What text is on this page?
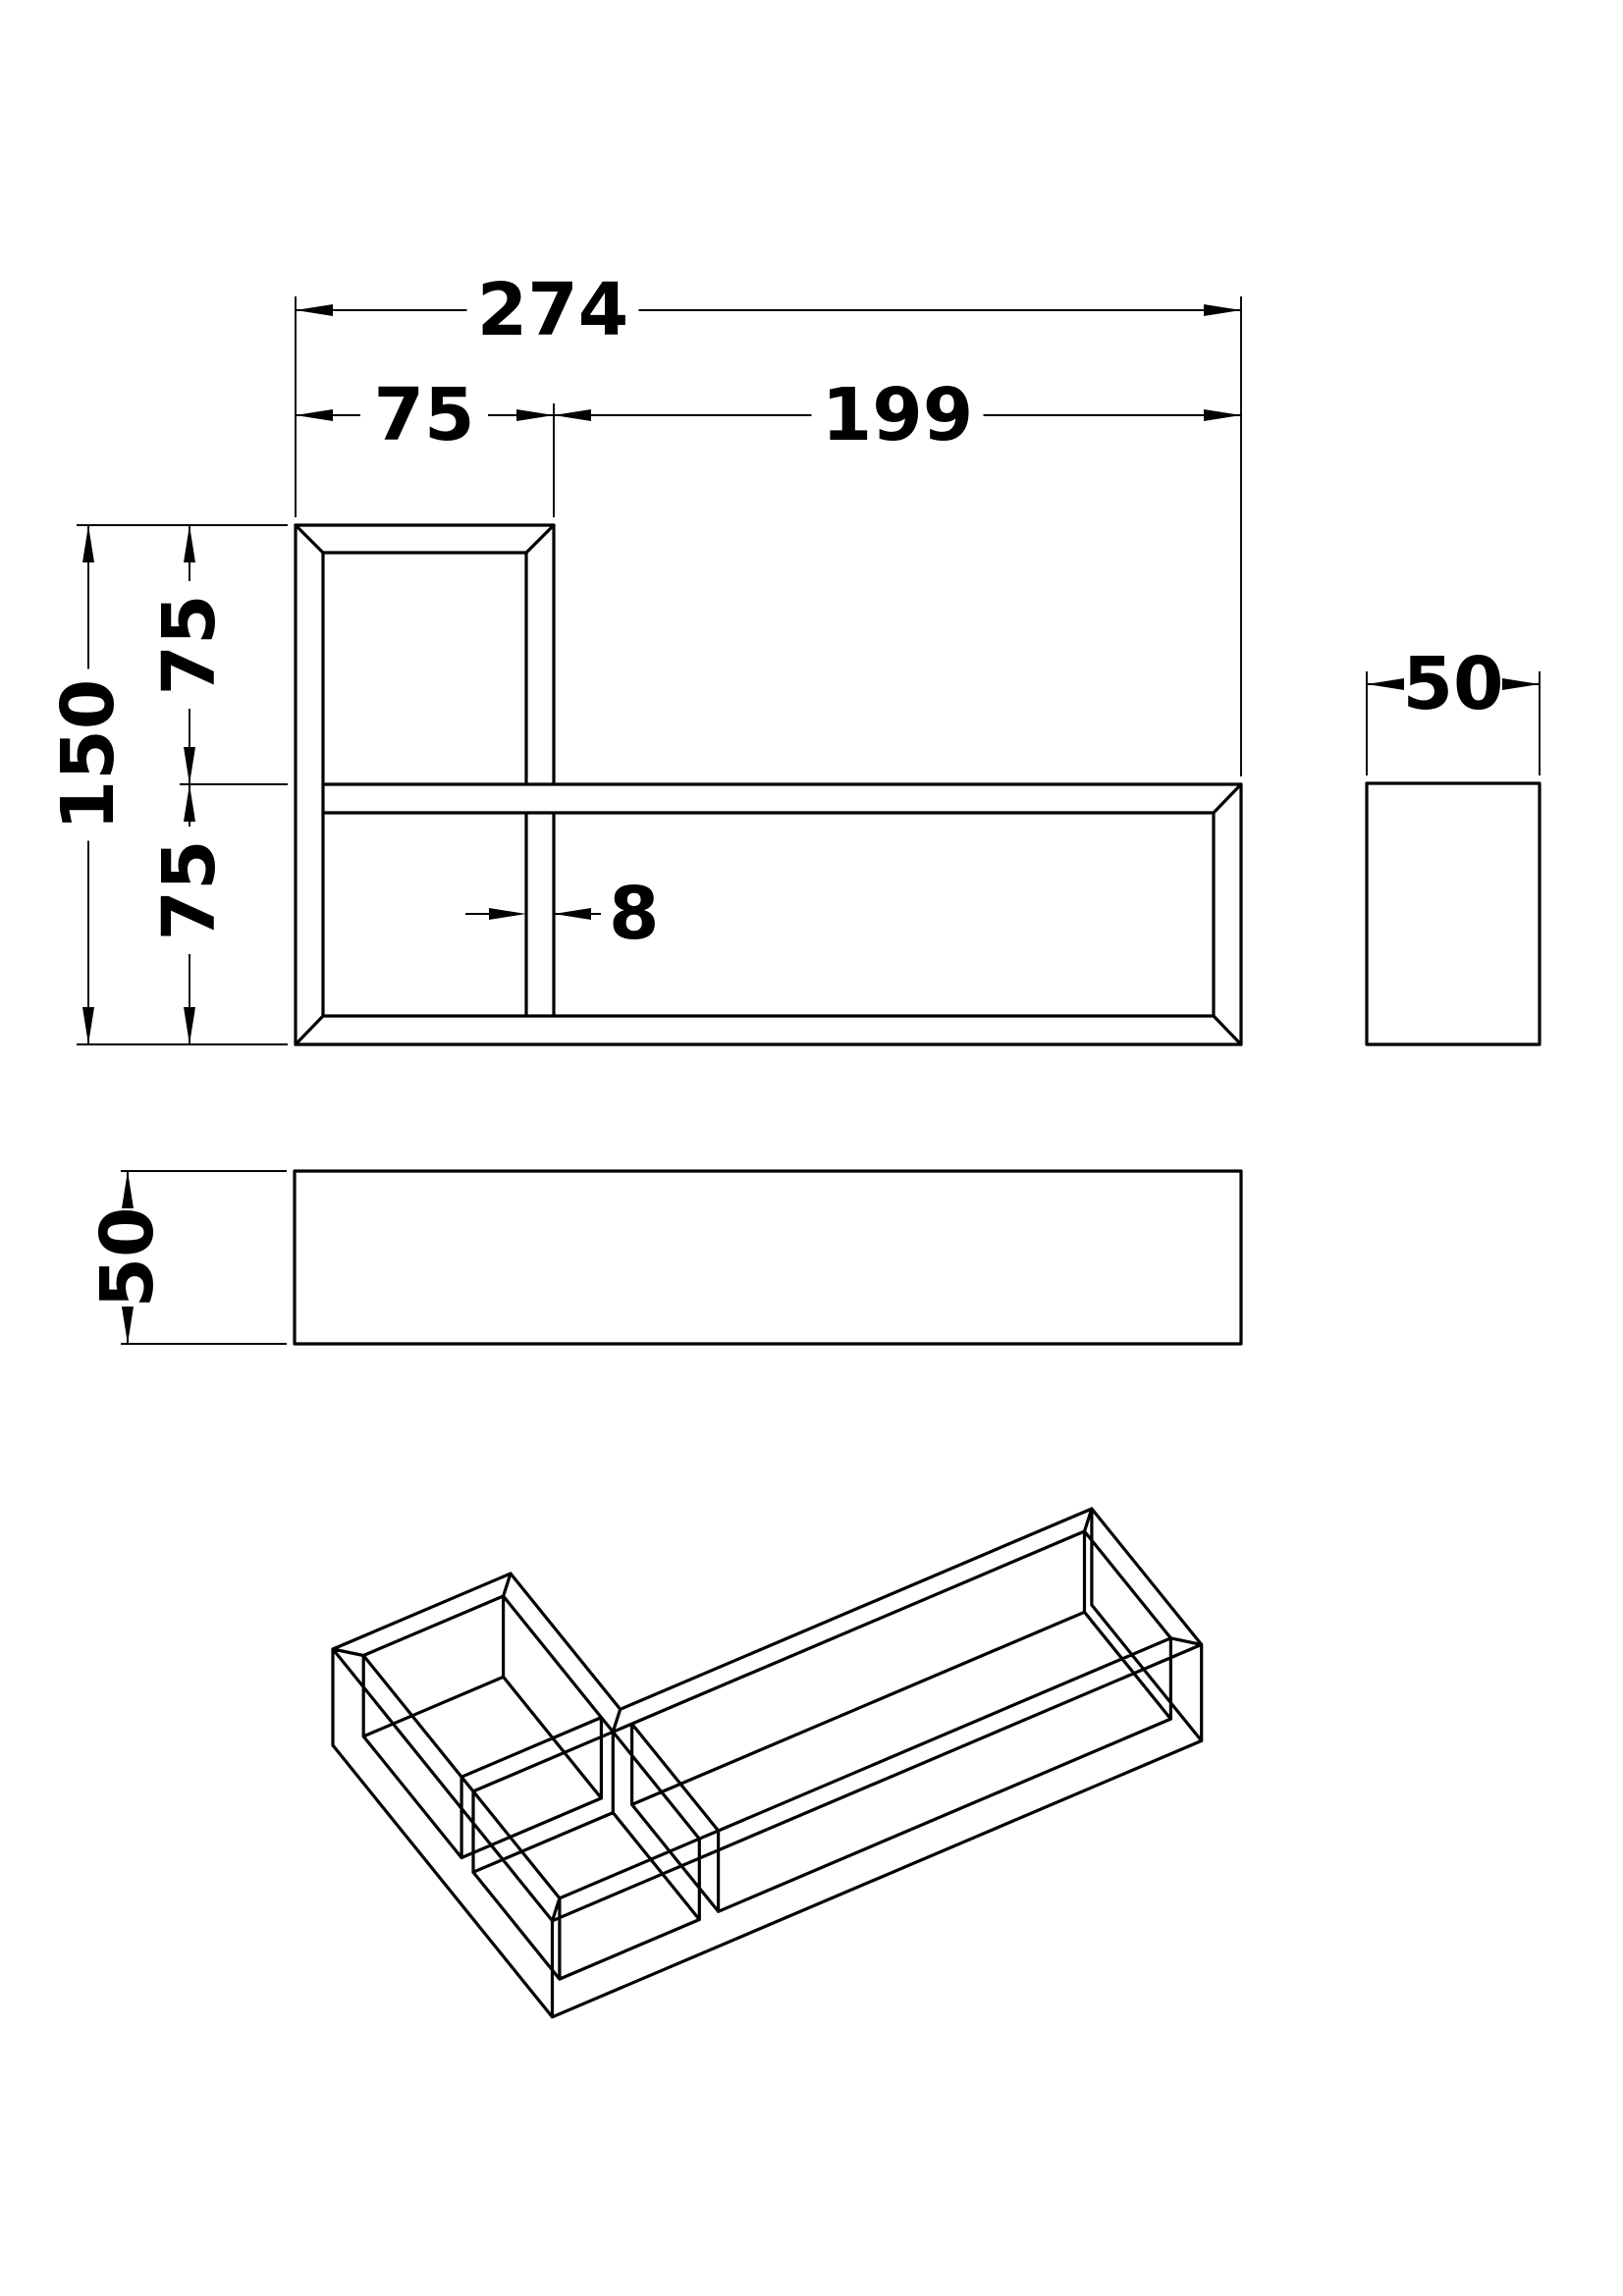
274
75	199
150
75
75
50
50
8
